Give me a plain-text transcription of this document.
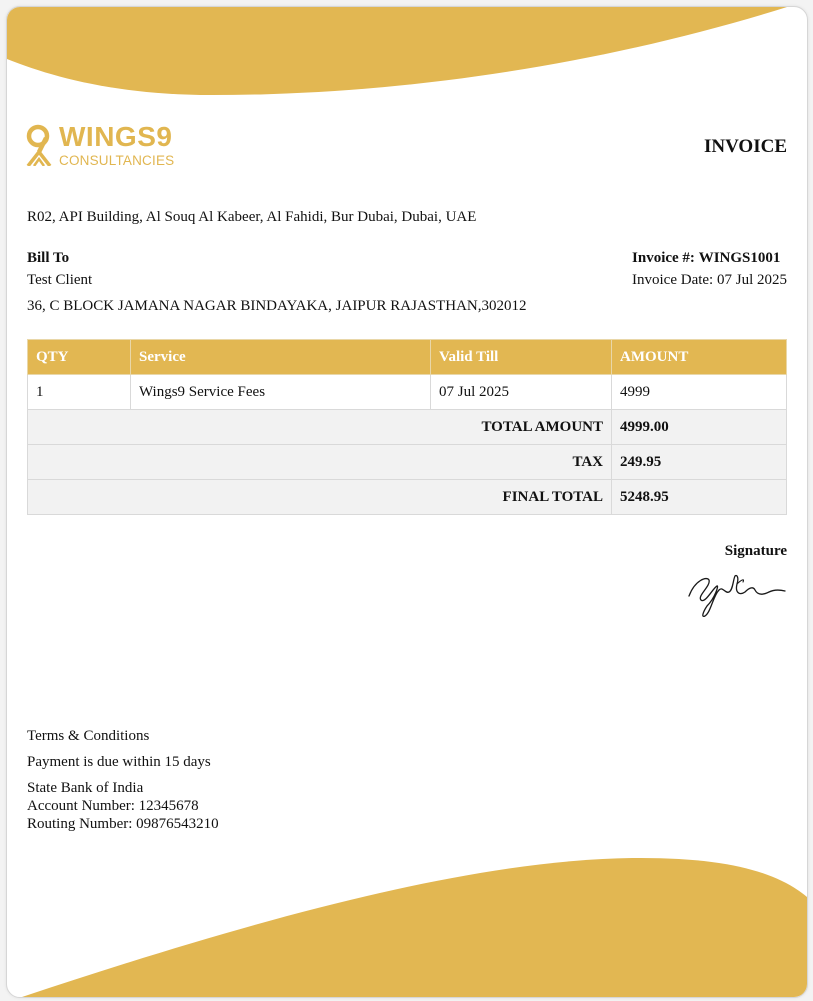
WINGS9
CONSULTANCIES
INVOICE
R02, API Building, Al Souq Al Kabeer, Al Fahidi, Bur Dubai, Dubai, UAE
Bill To
Test Client
36, C BLOCK JAMANA NAGAR BINDAYAKA, JAIPUR RAJASTHAN,302012
Invoice #: WINGS1001
Invoice Date: 07 Jul 2025
QTY	Service	Valid Till	AMOUNT
1	Wings9 Service Fees	07 Jul 2025	4999
TOTAL AMOUNT			4999.00
TAX			249.95
FINAL TOTAL			5248.95
Signature
Terms & Conditions
Payment is due within 15 days
State Bank of India
Account Number: 12345678
Routing Number: 09876543210
